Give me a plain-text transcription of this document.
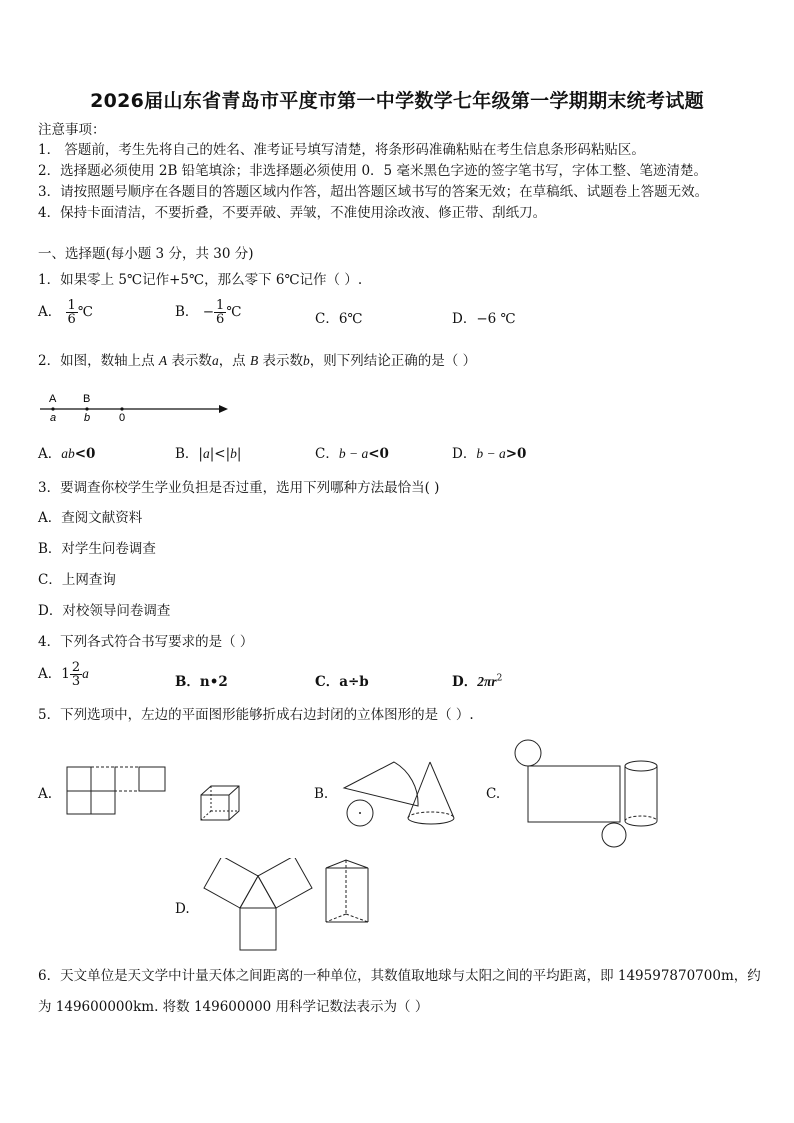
2026届山东省青岛市平度市第一中学数学七年级第一学期期末统考试题
注意事项：
1． 答题前，考生先将自己的姓名、准考证号填写清楚，将条形码准确粘贴在考生信息条形码粘贴区。
2．选择题必须使用 2B 铅笔填涂；非选择题必须使用 0．5 毫米黑色字迹的签字笔书写，字体工整、笔迹清楚。
3．请按照题号顺序在各题目的答题区域内作答，超出答题区域书写的答案无效；在草稿纸、试题卷上答题无效。
4．保持卡面清洁，不要折叠，不要弄破、弄皱，不准使用涂改液、修正带、刮纸刀。
一、选择题(每小题 3 分，共 30 分)
1．如果零上 5℃记作+5℃，那么零下 6℃记作（ ）.
A． $\frac{1}{6}$ ℃	B． − $\frac{1}{6}$ ℃	C．6℃	D．−6 ℃
2．如图，数轴上点 A 表示数a，点 B 表示数b，则下列结论正确的是（ ）
A B
a	b	0
A．ab<0	B．|a|<|b|	C．b − a<0	D．b − a>0
3．要调查你校学生学业负担是否过重，选用下列哪种方法最恰当( )
A．查阅文献资料
B．对学生问卷调查
C．上网查询
D．对校领导问卷调查
4．下列各式符合书写要求的是（ ）
A．$1 \frac{2}{3}$ a
B．n•2	C．a÷b	D．$2\pi r^2$
5．下列选项中，左边的平面图形能够折成右边封闭的立体图形的是（ ）.
A.	B.	C.
D.
6．天文单位是天文学中计量天体之间距离的一种单位，其数值取地球与太阳之间的平均距离，即 149597870700m，约
为 149600000km. 将数 149600000 用科学记数法表示为（ ）
